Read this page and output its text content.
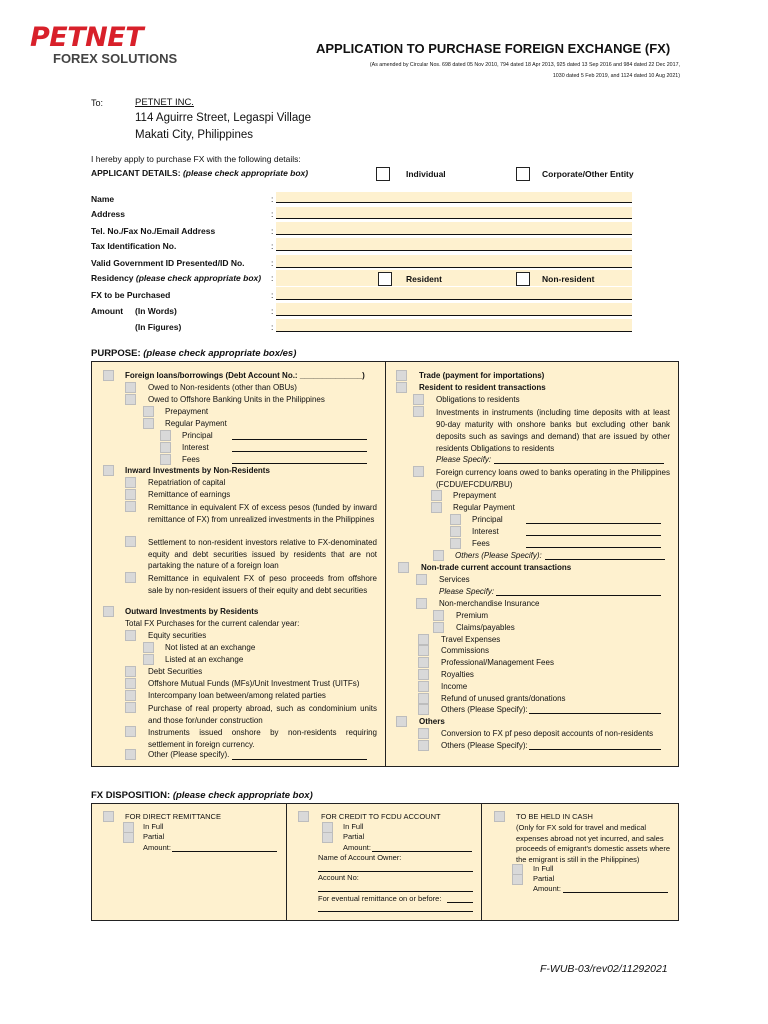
PETNET
FOREX SOLUTIONS
APPLICATION TO PURCHASE FOREIGN EXCHANGE (FX)
(As amended by Circular Nos. 698 dated 05 Nov 2010, 794 dated 18 Apr 2013, 925 dated 13 Sep 2016 and 984 dated 22 Dec 2017,
1030 dated 5 Feb 2019, and 1124 dated 10 Aug 2021)
To:	PETNET INC.
114 Aguirre Street, Legaspi Village
Makati City, Philippines
I hereby apply to purchase FX with the following details:
APPLICANT DETAILS: (please check appropriate box)	Individual	Corporate/Other Entity
Name	:
Address	:
Tel. No./Fax No./Email Address	:
Tax Identification No.	:
Valid Government ID Presented/ID No.	:
Residency (please check appropriate box) :	Resident	Non-resident
FX to be Purchased	:
Amount (In Words)	:
(In Figures)	:
PURPOSE: (please check appropriate box/es)
Foreign loans/borrowings (Debt Account No.: ______________)
Owed to Non-residents (other than OBUs)
Owed to Offshore Banking Units in the Philippines
Prepayment
Regular Payment
Principal
Interest
Fees
Inward Investments by Non-Residents
Repatriation of capital
Remittance of earnings
Remittance in equivalent FX of excess pesos (funded by inward remittance of FX) from unrealized investments in the Philippines
Settlement to non-resident investors relative to FX-denominated equity and debt securities issued by residents that are not partaking the nature of a foreign loan
Remittance in equivalent FX of peso proceeds from offshore sale by non-resident issuers of their equity and debt securities
Outward Investments by Residents
Total FX Purchases for the current calendar year:
Equity securities
Not listed at an exchange
Listed at an exchange
Debt Securities
Offshore Mutual Funds (MFs)/Unit Investment Trust (UITFs)
Intercompany loan between/among related parties
Purchase of real property abroad, such as condominium units and those for/under construction
Instruments issued onshore by non-residents requiring settlement in foreign currency.
Other (Please specify).
Trade (payment for importations)
Resident to resident transactions
Obligations to residents
Investments in instruments (including time deposits with at least 90-day maturity with onshore banks but excluding other bank deposits such as savings and demand) that are issued by other residents Obligations to residents
Please Specify:
Foreign currency loans owed to banks operating in the Philippines (FCDU/EFCDU/RBU)
Prepayment
Regular Payment
Principal
Interest
Fees
Others (Please Specify):
Non-trade current account transactions
Services
Please Specify:
Non-merchandise Insurance
Premium
Claims/payables
Travel Expenses
Commissions
Professional/Management Fees
Royalties
Income
Refund of unused grants/donations
Others (Please Specify):
Others
Conversion to FX pf peso deposit accounts of non-residents
Others (Please Specify):
FX DISPOSITION: (please check appropriate box)
FOR DIRECT REMITTANCE
In Full
Partial
Amount:
FOR CREDIT TO FCDU ACCOUNT
In Full
Partial
Amount:
Name of Account Owner:
Account No:
For eventual remittance on or before:
TO BE HELD IN CASH
(Only for FX sold for travel and medical expenses abroad not yet incurred, and sales proceeds of emigrant's domestic assets where the emigrant is still in the Philippines)
In Full
Partial
Amount:
F-WUB-03/rev02/11292021
